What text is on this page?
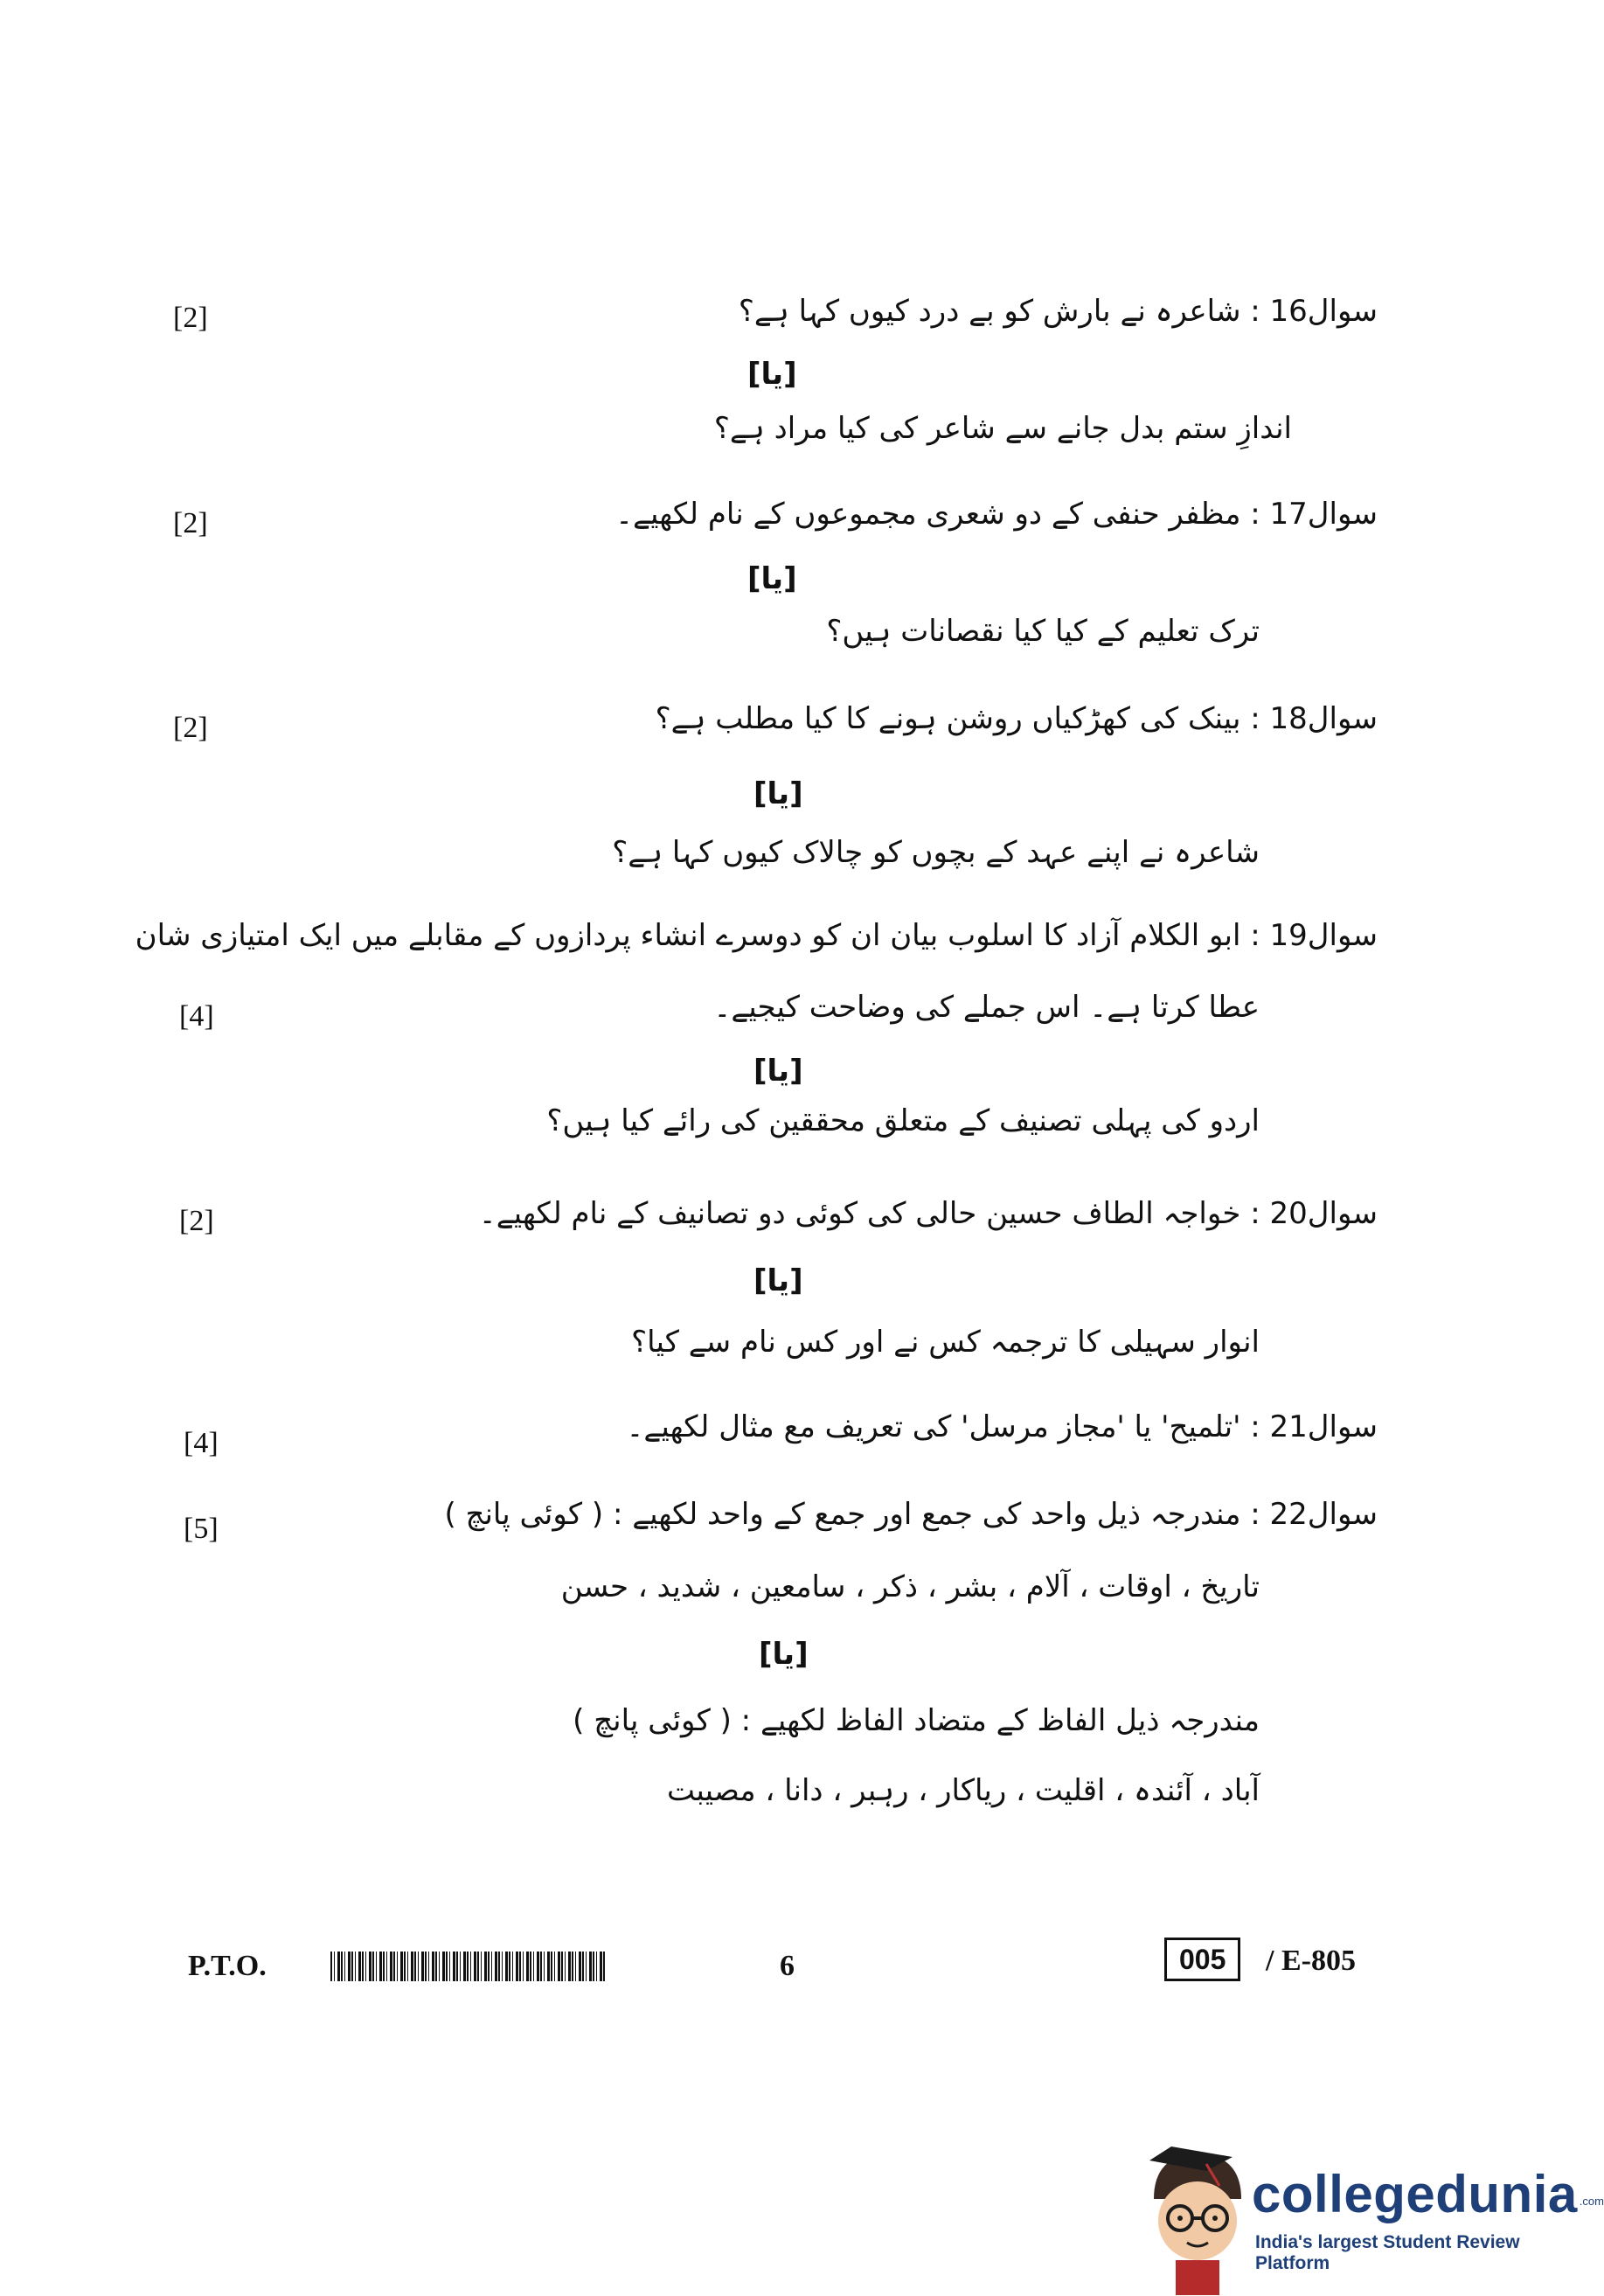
[2]	سوال16 : شاعرہ نے بارش کو بے درد کیوں کہا ہے؟
[یا]
اندازِ ستم بدل جانے سے شاعر کی کیا مراد ہے؟
[2]	سوال17 : مظفر حنفی کے دو شعری مجموعوں کے نام لکھیے۔
[یا]
ترک تعلیم کے کیا کیا نقصانات ہیں؟
[2]	سوال18 : بینک کی کھڑکیاں روشن ہونے کا کیا مطلب ہے؟
[یا]
شاعرہ نے اپنے عہد کے بچوں کو چالاک کیوں کہا ہے؟
سوال19 : ابو الکلام آزاد کا اسلوب بیان ان کو دوسرے انشاء پردازوں کے مقابلے میں ایک امتیازی شان
[4]	عطا کرتا ہے۔ اس جملے کی وضاحت کیجیے۔
[یا]
اردو کی پہلی تصنیف کے متعلق محققین کی رائے کیا ہیں؟
[2]	سوال20 : خواجہ الطاف حسین حالی کی کوئی دو تصانیف کے نام لکھیے۔
[یا]
انوار سہیلی کا ترجمہ کس نے اور کس نام سے کیا؟
[4]	سوال21 : 'تلمیح' یا 'مجاز مرسل' کی تعریف مع مثال لکھیے۔
[5]	سوال22 : مندرجہ ذیل واحد کی جمع اور جمع کے واحد لکھیے : ( کوئی پانچ )
تاریخ ، اوقات ، آلام ، بشر ، ذکر ، سامعین ، شدید ، حسن
[یا]
مندرجہ ذیل الفاظ کے متضاد الفاظ لکھیے : ( کوئی پانچ )
آباد ، آئندہ ، اقلیت ، ریاکار ، رہبر ، دانا ، مصیبت
P.T.O.	6	005	/ E-805
collegedunia .com
India's largest Student Review Platform
